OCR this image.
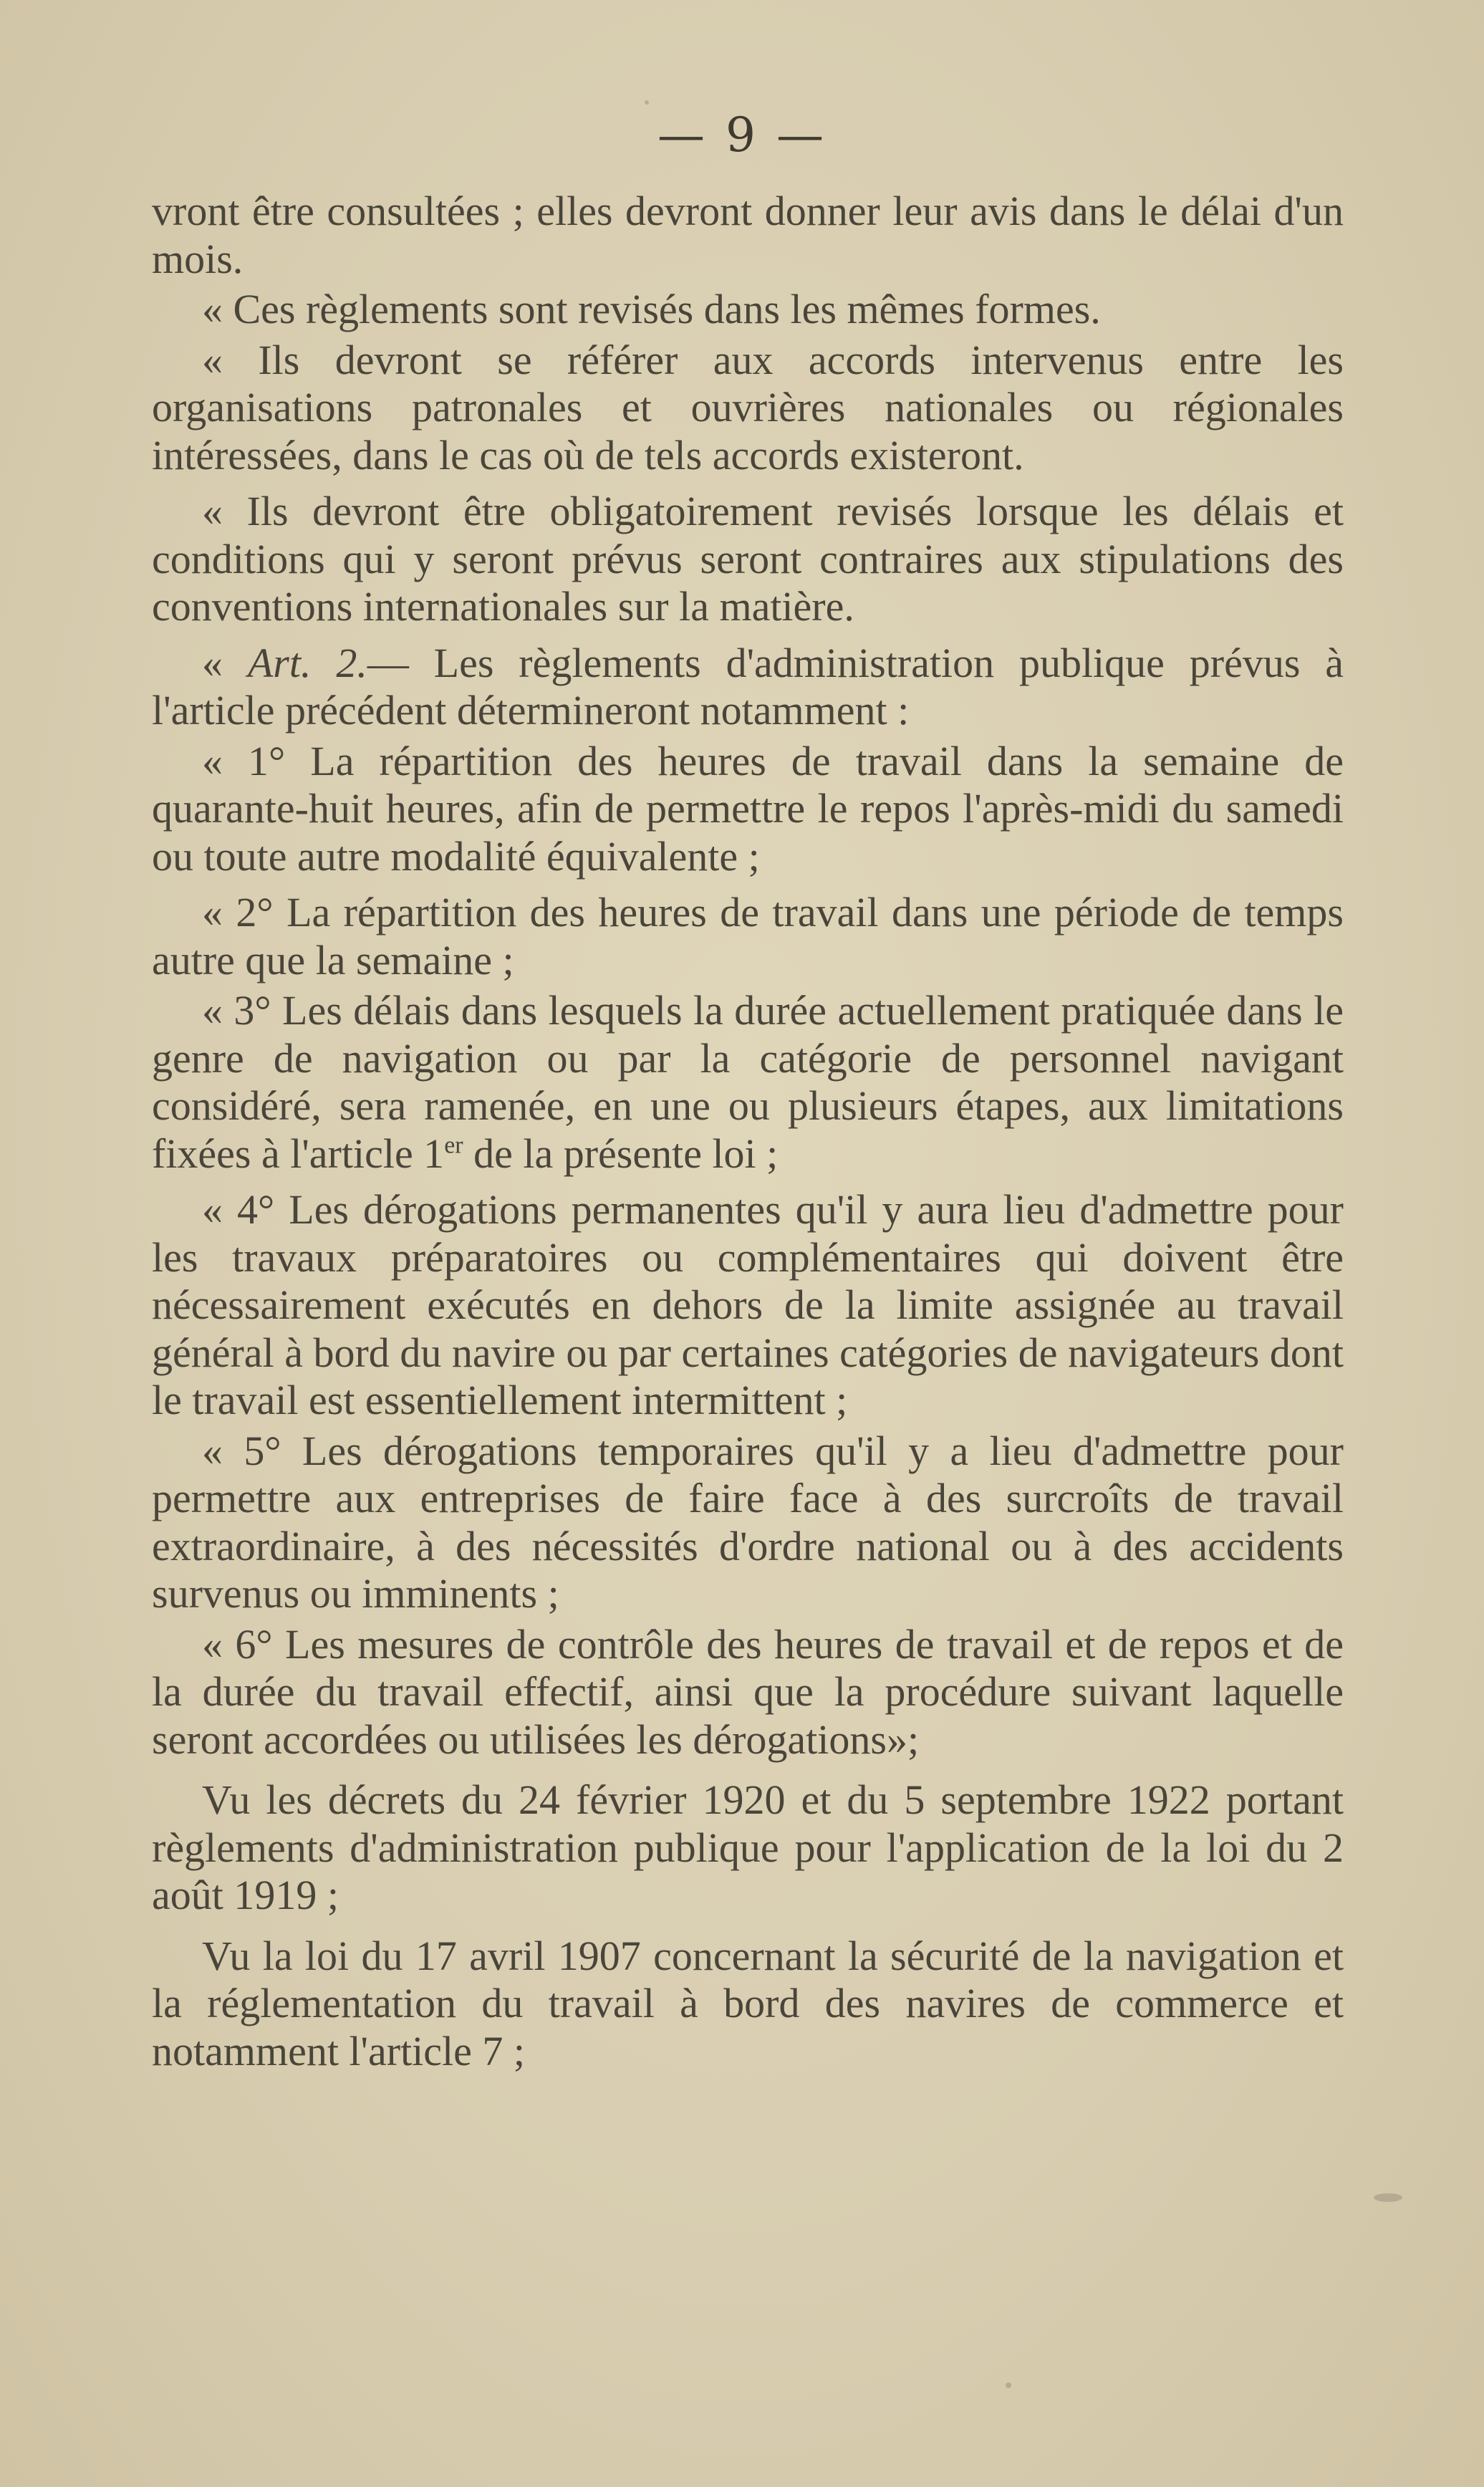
— 9 —

vront être consultées ; elles devront donner leur avis dans le délai d'un mois.

« Ces règlements sont revisés dans les mêmes formes.

« Ils devront se référer aux accords intervenus entre les organisations patronales et ouvrières nationales ou régionales intéressées, dans le cas où de tels accords existeront.

« Ils devront être obligatoirement revisés lorsque les délais et conditions qui y seront prévus seront contraires aux stipulations des conventions internationales sur la matière.

« Art. 2.— Les règlements d'administration publique prévus à l'article précédent détermineront notamment :

« 1° La répartition des heures de travail dans la semaine de quarante-huit heures, afin de permettre le repos l'après-midi du samedi ou toute autre modalité équivalente ;

« 2° La répartition des heures de travail dans une période de temps autre que la semaine ;

« 3° Les délais dans lesquels la durée actuellement pratiquée dans le genre de navigation ou par la catégorie de personnel navigant considéré, sera ramenée, en une ou plusieurs étapes, aux limitations fixées à l'article 1er de la présente loi ;

« 4° Les dérogations permanentes qu'il y aura lieu d'admettre pour les travaux préparatoires ou complémentaires qui doivent être nécessairement exécutés en dehors de la limite assignée au travail général à bord du navire ou par certaines catégories de navigateurs dont le travail est essentiellement intermittent ;

« 5° Les dérogations temporaires qu'il y a lieu d'admettre pour permettre aux entreprises de faire face à des surcroîts de travail extraordinaire, à des nécessités d'ordre national ou à des accidents survenus ou imminents ;

« 6° Les mesures de contrôle des heures de travail et de repos et de la durée du travail effectif, ainsi que la procédure suivant laquelle seront accordées ou utilisées les dérogations»;

Vu les décrets du 24 février 1920 et du 5 septembre 1922 portant règlements d'administration publique pour l'application de la loi du 2 août 1919 ;

Vu la loi du 17 avril 1907 concernant la sécurité de la navigation et la réglementation du travail à bord des navires de commerce et notamment l'article 7 ;
